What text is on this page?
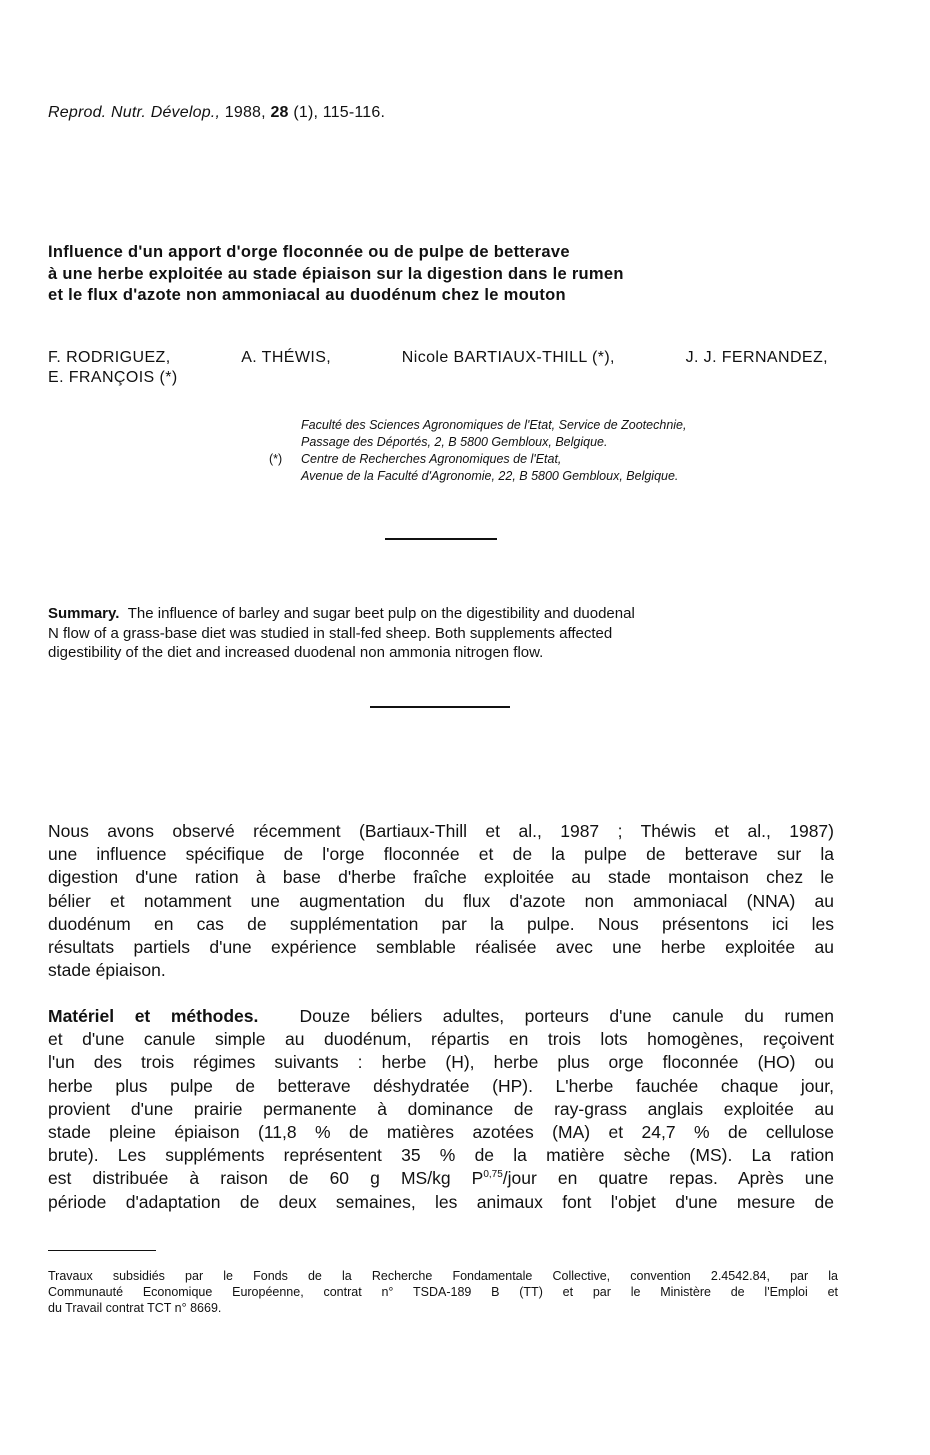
Reprod. Nutr. Dévelop., 1988, 28 (1), 115-116.
Influence d'un apport d'orge floconnée ou de pulpe de betterave
à une herbe exploitée au stade épiaison sur la digestion dans le rumen
et le flux d'azote non ammoniacal au duodénum chez le mouton
F. RODRIGUEZ,	A. THÉWIS,	Nicole BARTIAUX-THILL (*),	J. J. FERNANDEZ,
E. FRANÇOIS (*)
Faculté des Sciences Agronomiques de l'Etat, Service de Zootechnie,
Passage des Déportés, 2, B 5800 Gembloux, Belgique.
(*) Centre de Recherches Agronomiques de l'Etat,
Avenue de la Faculté d'Agronomie, 22, B 5800 Gembloux, Belgique.
Summary. The influence of barley and sugar beet pulp on the digestibility and duodenal
N flow of a grass-base diet was studied in stall-fed sheep. Both supplements affected
digestibility of the diet and increased duodenal non ammonia nitrogen flow.
Nous avons observé récemment (Bartiaux-Thill et al., 1987 ; Théwis et al., 1987)
une influence spécifique de l'orge floconnée et de la pulpe de betterave sur la
digestion d'une ration à base d'herbe fraîche exploitée au stade montaison chez le
bélier et notamment une augmentation du flux d'azote non ammoniacal (NNA) au
duodénum en cas de supplémentation par la pulpe. Nous présentons ici les
résultats partiels d'une expérience semblable réalisée avec une herbe exploitée au
stade épiaison.
Matériel et méthodes. Douze béliers adultes, porteurs d'une canule du rumen
et d'une canule simple au duodénum, répartis en trois lots homogènes, reçoivent
l'un des trois régimes suivants : herbe (H), herbe plus orge floconnée (HO) ou
herbe plus pulpe de betterave déshydratée (HP). L'herbe fauchée chaque jour,
provient d'une prairie permanente à dominance de ray-grass anglais exploitée au
stade pleine épiaison (11,8 % de matières azotées (MA) et 24,7 % de cellulose
brute). Les suppléments représentent 35 % de la matière sèche (MS). La ration
est distribuée à raison de 60 g MS/kg P$^{0,75}$/jour en quatre repas. Après une
période d'adaptation de deux semaines, les animaux font l'objet d'une mesure de
Travaux subsidiés par le Fonds de la Recherche Fondamentale Collective, convention 2.4542.84, par la
Communauté Economique Européenne, contrat n° TSDA-189 B (TT) et par le Ministère de l'Emploi et
du Travail contrat TCT n° 8669.
